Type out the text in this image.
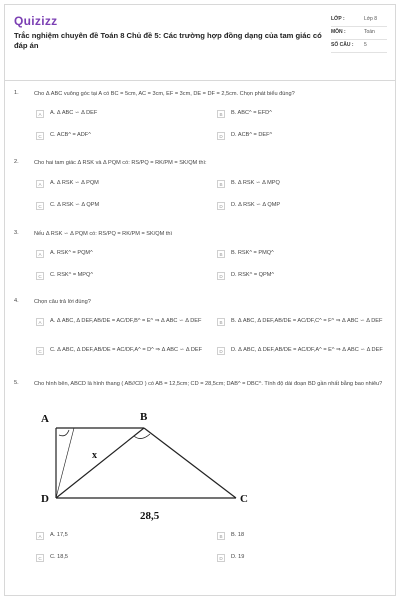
Quizizz
Trắc nghiệm chuyên đề Toán 8 Chủ đề 5: Các trường hợp đồng dạng của tam giác có đáp án
LỚP :	Lớp 8
MÔN :	Toán
SỐ CÂU :	5
1.	Cho Δ ABC vuông góc tại A có BC = 5cm, AC = 3cm, EF = 3cm, DE = DF = 2,5cm. Chọn phát biểu đúng?
A	A. Δ ABC ∽ Δ DEF	B	B. ABC^ = EFD^
C	C. ACB^ = ADF^	D	D. ACB^ = DEF^
2.	Cho hai tam giác Δ RSK và Δ PQM có: RS/PQ = RK/PM = SK/QM thì:
A	A. Δ RSK ∽ Δ PQM	B	B. Δ RSK ∽ Δ MPQ
C	C. Δ RSK ∽ Δ QPM	D	D. Δ RSK ∽ Δ QMP
3.	Nếu Δ RSK ∽ Δ PQM có: RS/PQ = RK/PM = SK/QM thì
A	A. RSK^ = PQM^	B	B. RSK^ = PMQ^
C	C. RSK^ = MPQ^	D	D. RSK^ = QPM^
4.	Chọn câu trả lời đúng?
A	A. Δ ABC, Δ DEF,AB/DE = AC/DF,B^ = E^ ⇒ Δ ABC ∽ Δ DEF	B	B. Δ ABC, Δ DEF,AB/DE = AC/DF,C^ = F^ ⇒ Δ ABC ∽ Δ DEF
C	C. Δ ABC, Δ DEF,AB/DE = AC/DF,A^ = D^ ⇒ Δ ABC ∽ Δ DEF	D	D. Δ ABC, Δ DEF,AB/DE = AC/DF,A^ = E^ ⇒ Δ ABC ∽ Δ DEF
5.	Cho hình bên, ABCD là hình thang ( AB//CD ) có AB = 12,5cm; CD = 28,5cm; DAB^ = DBC^. Tính độ dài đoạn BD gần nhất bằng bao nhiêu?
A	B
C
D
x
28,5
A	A. 17,5	B	B. 18
C	C. 18,5	D	D. 19
